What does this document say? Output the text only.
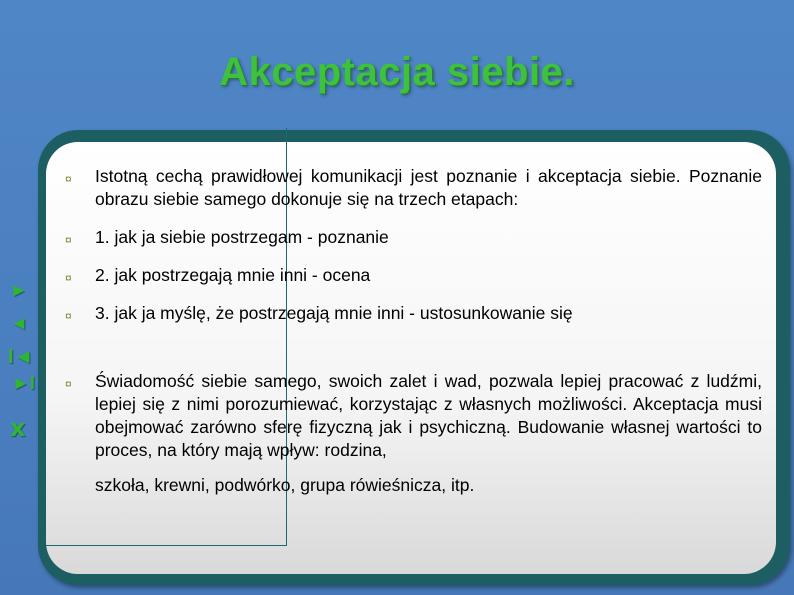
Akceptacja siebie.
►
◄
I◄
►I
x
¤ Istotną cechą prawidłowej komunikacji jest poznanie i akceptacja siebie. Poznanie obrazu siebie samego dokonuje się na trzech etapach:
¤ 1. jak ja siebie postrzegam - poznanie
¤ 2. jak postrzegają mnie inni - ocena
¤ 3. jak ja myślę, że postrzegają mnie inni - ustosunkowanie się
¤ Świadomość siebie samego, swoich zalet i wad, pozwala lepiej pracować z ludźmi, lepiej się z nimi porozumiewać, korzystając z własnych możliwości. Akceptacja musi obejmować zarówno sferę fizyczną jak i psychiczną. Budowanie własnej wartości to proces, na który mają wpływ: rodzina,
szkoła, krewni, podwórko, grupa rówieśnicza, itp.
